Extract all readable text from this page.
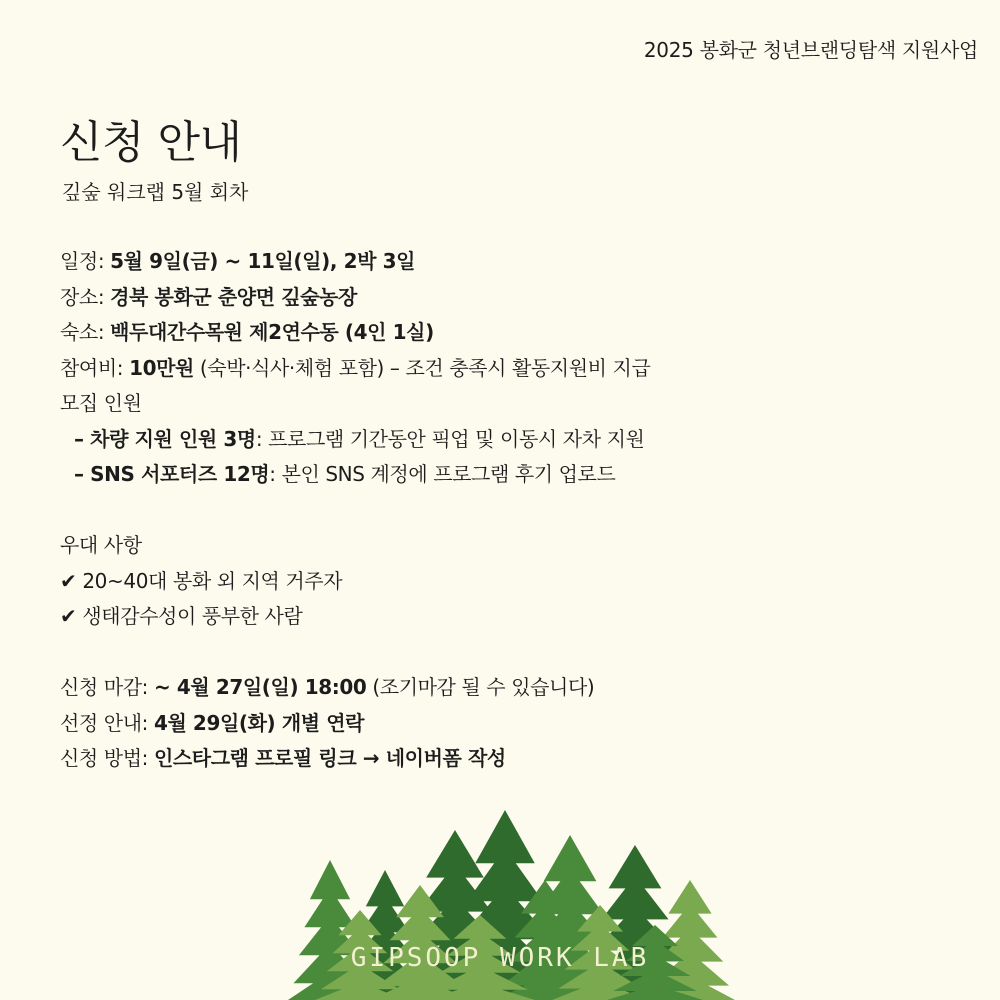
2025 봉화군 청년브랜딩탐색 지원사업
신청 안내
깊숲 워크랩 5월 회차
일정: 5월 9일(금) ~ 11일(일), 2박 3일
장소: 경북 봉화군 춘양면 깊숲농장
숙소: 백두대간수목원 제2연수동 (4인 1실)
참여비: 10만원 (숙박·식사·체험 포함) – 조건 충족시 활동지원비 지급
모집 인원
– 차량 지원 인원 3명: 프로그램 기간동안 픽업 및 이동시 자차 지원
– SNS 서포터즈 12명: 본인 SNS 계정에 프로그램 후기 업로드
우대 사항
✔ 20~40대 봉화 외 지역 거주자
✔ 생태감수성이 풍부한 사람
신청 마감: ~ 4월 27일(일) 18:00 (조기마감 될 수 있습니다)
선정 안내: 4월 29일(화) 개별 연락
신청 방법: 인스타그램 프로필 링크 → 네이버폼 작성
GIPSOOP WORK LAB
